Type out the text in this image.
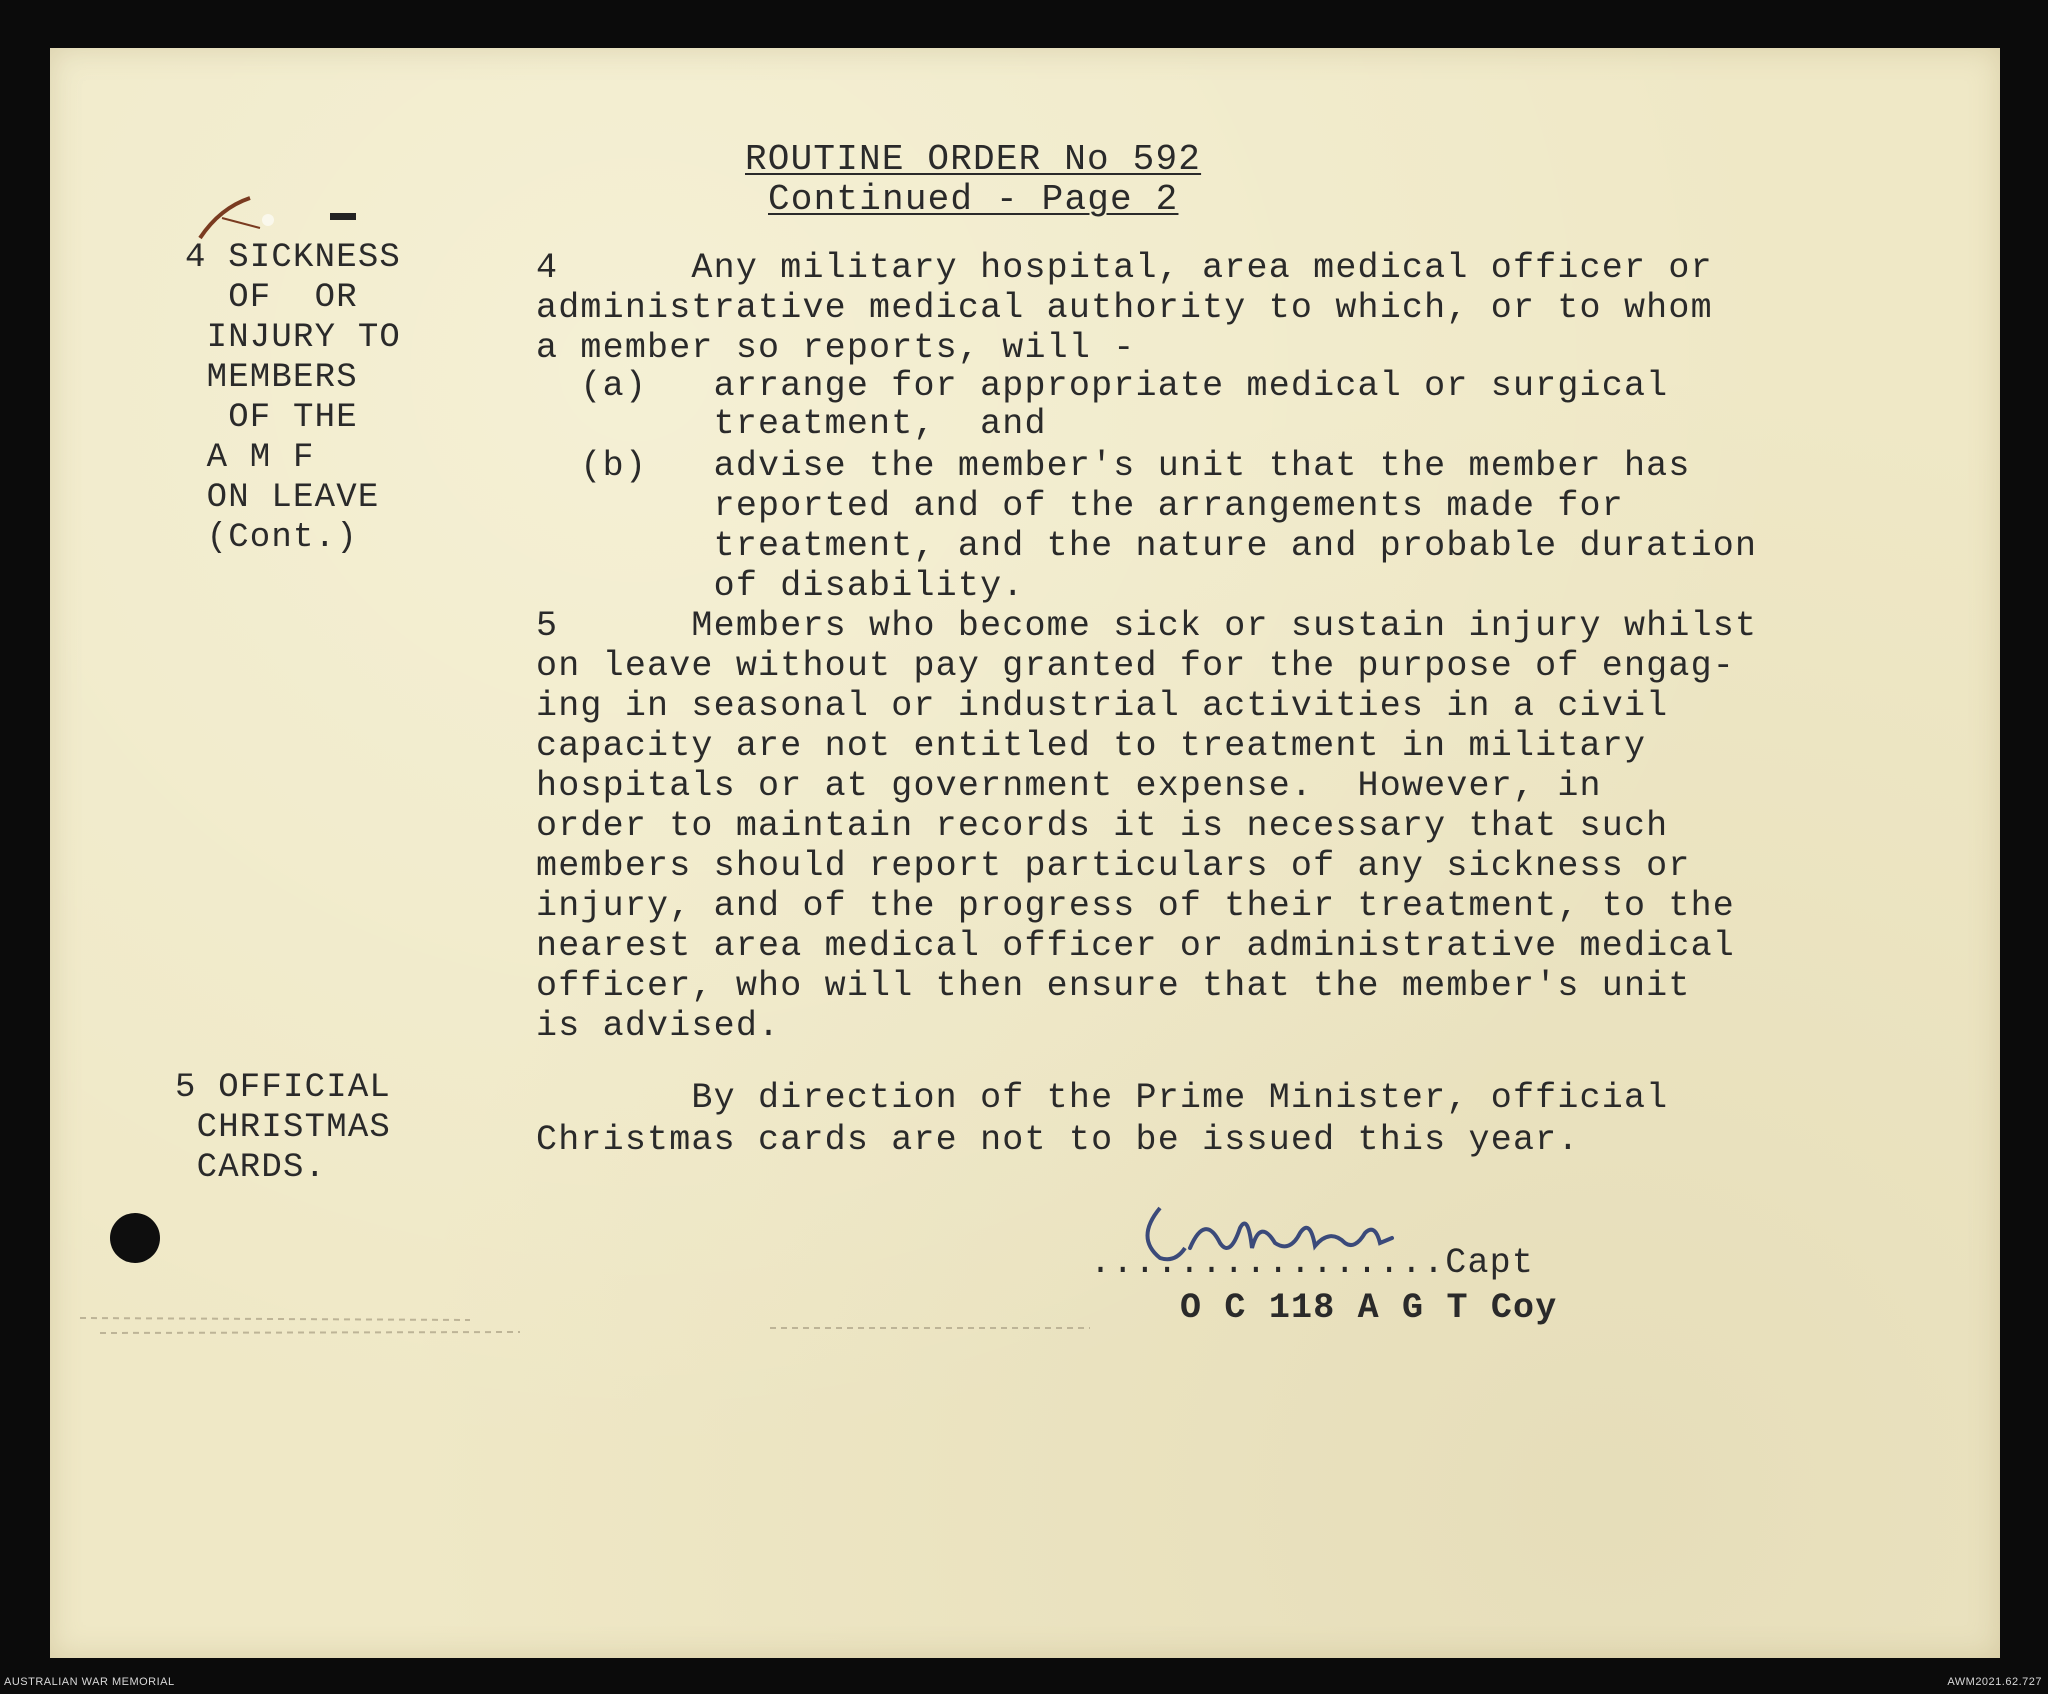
ROUTINE ORDER No 592
Continued - Page 2
4 SICKNESS
OF  OR
INJURY TO
MEMBERS
OF THE
A M F
ON LEAVE
(Cont.)
5 OFFICIAL
CHRISTMAS
CARDS.
4      Any military hospital, area medical officer or
administrative medical authority to which, or to whom
a member so reports, will -
(a)   arrange for appropriate medical or surgical
treatment,  and
(b)   advise the member's unit that the member has
reported and of the arrangements made for
treatment, and the nature and probable duration
of disability.
5      Members who become sick or sustain injury whilst
on leave without pay granted for the purpose of engag-
ing in seasonal or industrial activities in a civil
capacity are not entitled to treatment in military
hospitals or at government expense.  However, in
order to maintain records it is necessary that such
members should report particulars of any sickness or
injury, and of the progress of their treatment, to the
nearest area medical officer or administrative medical
officer, who will then ensure that the member's unit
is advised.
By direction of the Prime Minister, official
Christmas cards are not to be issued this year.
................Capt
O C 118 A G T Coy
AUSTRALIAN WAR MEMORIAL	AWM2021.62.727
